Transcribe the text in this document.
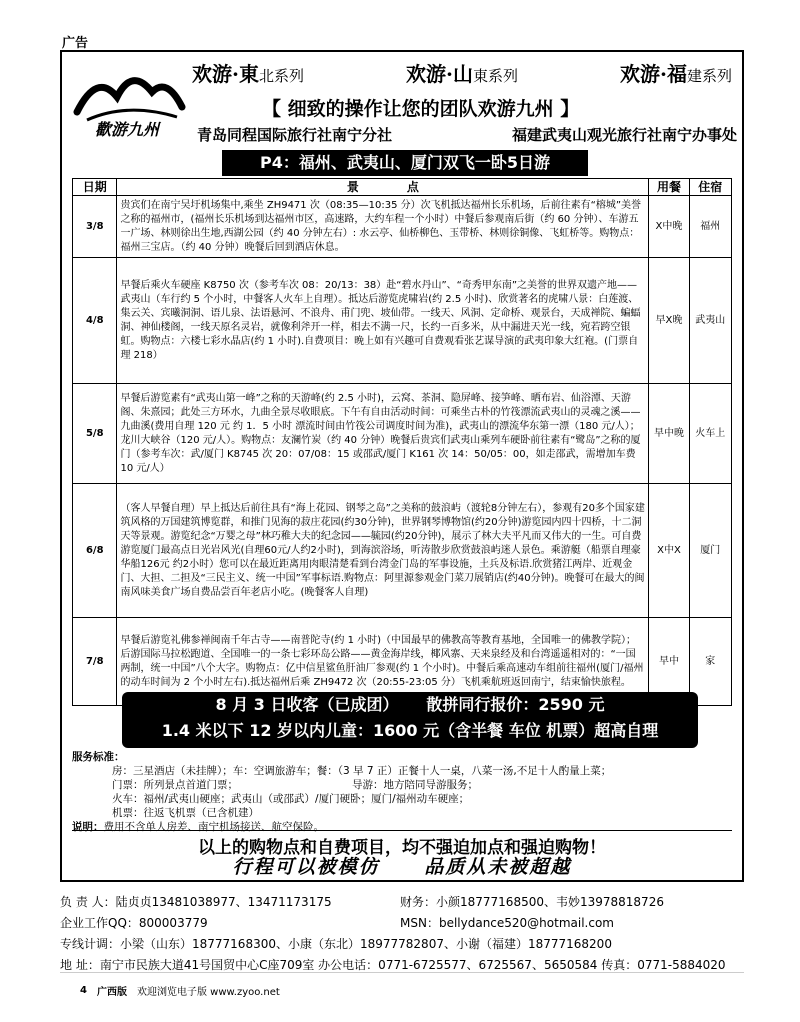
广告
歡游九州
欢游·東北系列	欢游·山東系列	欢游·福建系列
【 细致的操作让您的团队欢游九州 】
青岛同程国际旅行社南宁分社	福建武夷山观光旅行社南宁办事处
P4：福州、武夷山、厦门双飞一卧5日游
日期	景　　　　点	用餐	住宿
3/8	贵宾们在南宁吴圩机场集中,乘坐 ZH9471 次（08:35—10:35 分）次飞机抵达福州长乐机场，后前往素有“榕城”美誉之称的福州市，(福州长乐机场到达福州市区，高速路，大约车程一个小时）中餐后参观南后街（约 60 分钟）、车游五一广场、林则徐出生地,西湖公园（约 40 分钟左右）: 水云亭、仙桥柳色、玉带桥、林则徐铜像、飞虹桥等。购物点：福州三宝店。（约 40 分钟）晚餐后回到酒店休息。	X中晚	福州
4/8	早餐后乘火车硬座 K8750 次（参考车次 08：20/13：38）赴“碧水丹山”、“奇秀甲东南”之美誉的世界双遗产地——武夷山（车行约 5 个小时，中餐客人火车上自理）。抵达后游览虎啸岩(约 2.5 小时)、欣赏著名的虎啸八景：白莲渡、集云关、宾曦洞洞、语儿泉、法语悬河、不浪舟、甫门兜、坡仙带。一线天、风洞、定命桥、观景台，天成禅院、蝙蝠洞、神仙楼阁，一线天原名灵岩，就像利斧开一样，相去不满一尺，长约一百多米，从中漏进天光一线，宛若跨空银虹。购物点：六楼七彩水晶店(约 1 小时).自费项目：晚上如有兴趣可自费观看张艺谋导演的武夷印象大红袍。(门票自理 218）	早X晚	武夷山
5/8	早餐后游览素有“武夷山第一峰”之称的天游峰(约 2.5 小时)，云窝、茶洞、隐屏峰、接笋峰、晒布岩、仙浴潭、天游阁、朱熹园；此处三方环水，九曲全景尽收眼底。下午有自由活动时间：可乘坐古朴的竹筏漂流武夷山的灵魂之溪——九曲溪(费用自理 120 元 约 1．5 小时 漂流时间由竹筏公司调度时间为准)，武夷山的漂流华东第一漂（180 元/人）；龙川大峡谷（120 元/人）。购物点：友澜竹炭（约 40 分钟）晚餐后贵宾们武夷山乘列车硬卧前往素有“鹭岛”之称的厦门（参考车次：武/厦门 K8745 次 20：07/08：15 或邵武/厦门 K161 次 14：50/05：00，如走邵武，需增加车费 10 元/人）	早中晚	火车上
6/8	（客人早餐自理）早上抵达后前往具有“海上花园、钢琴之岛”之美称的鼓浪屿（渡轮8分钟左右），参观有20多个国家建筑风格的万国建筑博览群，和推门见海的菽庄花园(约30分钟)，世界钢琴博物馆(约20分钟)游览园内四十四桥，十二洞天等景观。游览纪念“万婴之母”林巧稚大夫的纪念园——毓园(约20分钟)，展示了林大夫平凡而又伟大的一生。可自费游览厦门最高点日光岩风光(自理60元/人约2小时)，到海滨浴场，听涛散步欣赏鼓浪屿迷人景色。乘游艇（船票自理豪华船126元 约2小时）您可以在最近距离用肉眼清楚看到台湾金门岛的军事设施，土兵及标语.欣赏猪江两岸、近观金门、大担、二担及“三民主义、统一中国”军事标语.购物点：阿里源参观金门菜刀展销店(约40分钟)。晚餐可在最大的闽南风味美食广场自费品尝百年老店小吃。(晚餐客人自理)	X中X	厦门
7/8	早餐后游览礼佛参禅闽南千年古寺——南普陀寺(约 1 小时)（中国最早的佛教高等教育基地，全国唯一的佛教学院）；后游国际马拉松跑道、全国唯一的一条七彩环岛公路——黄金海岸线，椰风寨、天来泉经及和台湾遥遥相对的：“一国两制，统一中国”八个大字。购物点：亿中信星鲨鱼肝油厂参观(约 1 个小时)。中餐后乘高速动车组前往福州(厦门/福州的动车时间为 2 个小时左右).抵达福州后乘 ZH9472 次（20:55-23:05 分）飞机乘航班返回南宁，结束愉快旅程。	早中	家
8 月 3 日收客（已成团） 散拼同行报价：2590 元
1.4 米以下 12 岁以内儿童：1600 元（含半餐 车位 机票）超高自理
服务标准：
房：三星酒店（未挂牌）；车：空调旅游车；餐：（3 早 7 正）正餐十人一桌，八菜一汤,不足十人酌量上菜；
门票：所列景点首道门票；	导游：地方陪同导游服务；
火车：福州/武夷山硬座；武夷山（或邵武）/厦门硬卧；厦门/福州动车硬座；
机票：往返飞机票（已含机建）
说明：费用不含单人房差、南宁机场接送、航空保险。
以上的购物点和自费项目，均不强迫加点和强迫购物！
行程可以被模仿 品质从未被超越
负 责 人：陆贞贞13481038977、13471173175	财务：小颜18777168500、韦妙13978818726
企业工作QQ：800003779	MSN：bellydance520@hotmail.com
专线计调：小梁（山东）18777168300、小康（东北）18977782807、小谢（福建）18777168200
地 址：南宁市民族大道41号国贸中心C座709室 办公电话：0771-6725577、6725567、5650584 传真：0771-5884020
4 广西版 欢迎浏览电子版 www.zyoo.net
